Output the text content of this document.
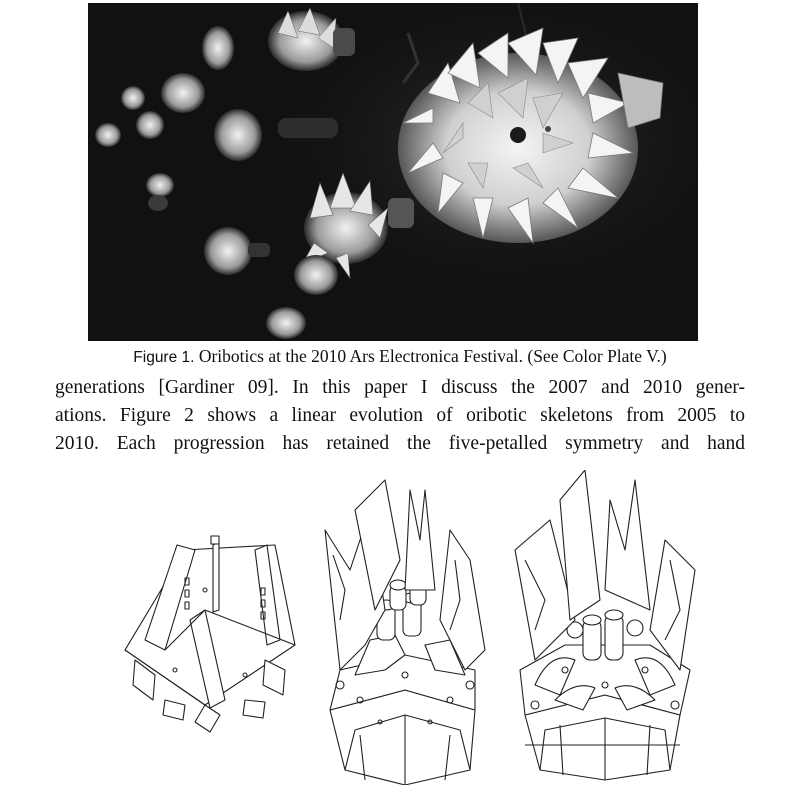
Figure 1. Oribotics at the 2010 Ars Electronica Festival. (See Color Plate V.)
generations [Gardiner 09]. In this paper I discuss the 2007 and 2010 gener-
ations. Figure 2 shows a linear evolution of oribotic skeletons from 2005 to
2010. Each progression has retained the five-petalled symmetry and hand
